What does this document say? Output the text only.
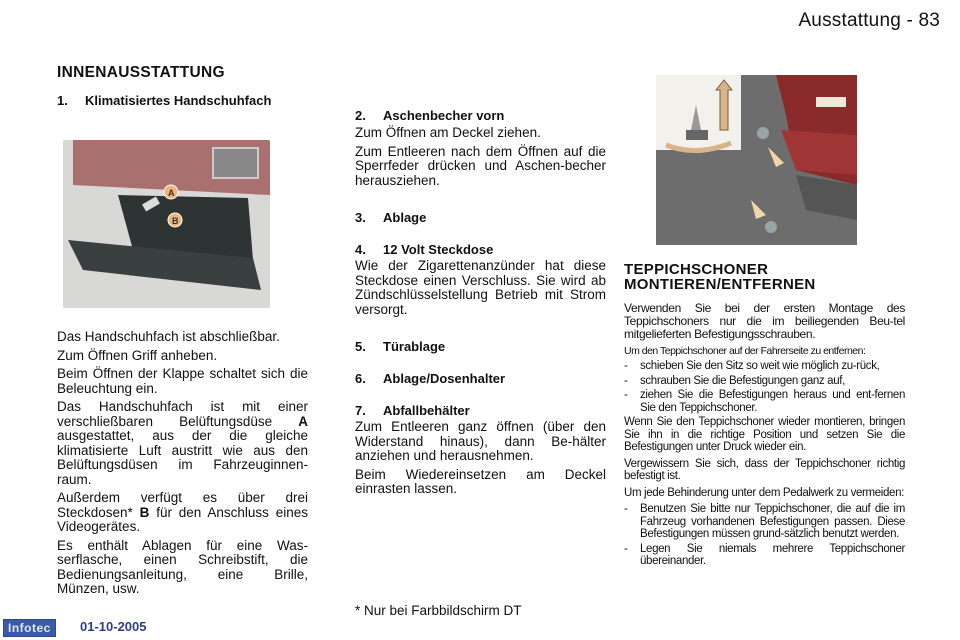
Ausstattung - 83
INNENAUSSTATTUNG
1. Klimatisiertes Handschuhfach
A
B

Das Handschuhfach ist abschließbar.

Zum Öffnen Griff anheben.

Beim Öffnen der Klappe schaltet sich die Beleuchtung ein.

Das Handschuhfach ist mit einer verschließbaren Belüftungsdüse A ausgestattet, aus der die gleiche klimatisierte Luft austritt wie aus den Belüftungsdüsen im Fahrzeuginnen-raum.

Außerdem verfügt es über drei Steckdosen* B für den Anschluss eines Videogerätes.

Es enthält Ablagen für eine Was-serflasche, einen Schreibstift, die Bedienungsanleitung, eine Brille, Münzen, usw.

2. Aschenbecher vorn

Zum Öffnen am Deckel ziehen.

Zum Entleeren nach dem Öffnen auf die Sperrfeder drücken und Aschen-becher herausziehen.

3. Ablage
4. 12 Volt Steckdose

Wie der Zigarettenanzünder hat diese Steckdose einen Verschluss. Sie wird ab Zündschlüsselstellung Betrieb mit Strom versorgt.

5. Türablage
6. Ablage/Dosenhalter
7. Abfallbehälter

Zum Entleeren ganz öffnen (über den Widerstand hinaus), dann Be-hälter anziehen und herausnehmen.

Beim Wiedereinsetzen am Deckel einrasten lassen.

* Nur bei Farbbildschirm DT
TEPPICHSCHONER
MONTIEREN/ENTFERNEN

Verwenden Sie bei der ersten Montage des Teppichschoners nur die im beiliegenden Beu-tel mitgelieferten Befestigungsschrauben.

Um den Teppichschoner auf der Fahrerseite zu entfernen:

-	schieben Sie den Sitz so weit wie möglich zu-rück,
-	schrauben Sie die Befestigungen ganz auf,
-	ziehen Sie die Befestigungen heraus und ent-fernen Sie den Teppichschoner.

Wenn Sie den Teppichschoner wieder montieren, bringen Sie ihn in die richtige Position und setzen Sie die Befestigungen unter Druck wieder ein.

Vergewissern Sie sich, dass der Teppichschoner richtig befestigt ist.

Um jede Behinderung unter dem Pedalwerk zu vermeiden:

-	Benutzen Sie bitte nur Teppichschoner, die auf die im Fahrzeug vorhandenen Befestigungen passen. Diese Befestigungen müssen grund-sätzlich benutzt werden.
-	Legen Sie niemals mehrere Teppichschoner übereinander.
Infotec	01-10-2005
